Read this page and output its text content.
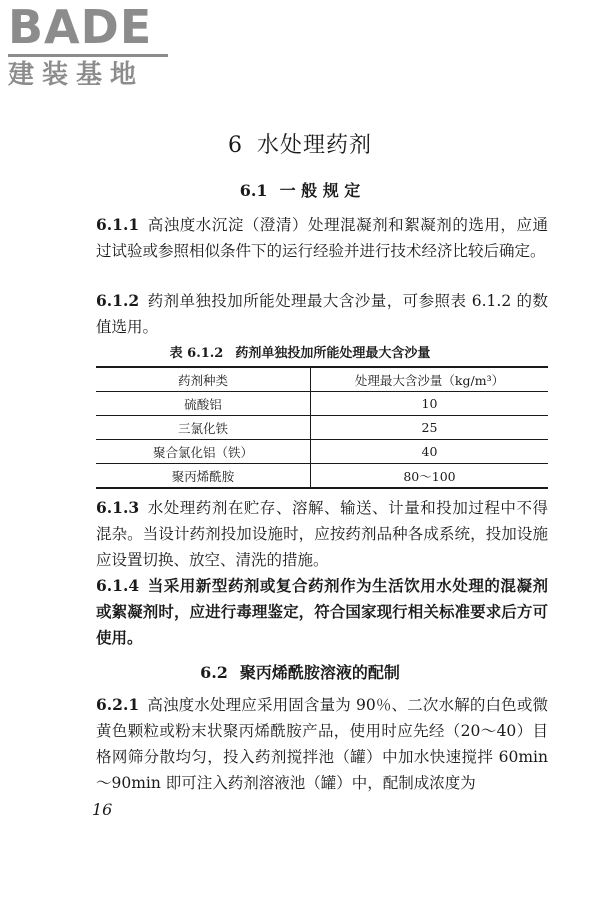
BADE
建装基地
6 水处理药剂
6.1 一 般 规 定
6.1.1 高浊度水沉淀（澄清）处理混凝剂和絮凝剂的选用，应通过试验或参照相似条件下的运行经验并进行技术经济比较后确定。
6.1.2 药剂单独投加所能处理最大含沙量，可参照表 6.1.2 的数值选用。
表 6.1.2 药剂单独投加所能处理最大含沙量
药剂种类	处理最大含沙量（kg/m³）
硫酸铝	10
三氯化铁	25
聚合氯化铝（铁）	40
聚丙烯酰胺	80～100
6.1.3 水处理药剂在贮存、溶解、输送、计量和投加过程中不得混杂。当设计药剂投加设施时，应按药剂品种各成系统，投加设施应设置切换、放空、清洗的措施。
6.1.4 当采用新型药剂或复合药剂作为生活饮用水处理的混凝剂或絮凝剂时，应进行毒理鉴定，符合国家现行相关标准要求后方可使用。
6.2 聚丙烯酰胺溶液的配制
6.2.1 高浊度水处理应采用固含量为 90％、二次水解的白色或微黄色颗粒或粉末状聚丙烯酰胺产品，使用时应先经（20～40）目格网筛分散均匀，投入药剂搅拌池（罐）中加水快速搅拌 60min～90min 即可注入药剂溶液池（罐）中，配制成浓度为
16
